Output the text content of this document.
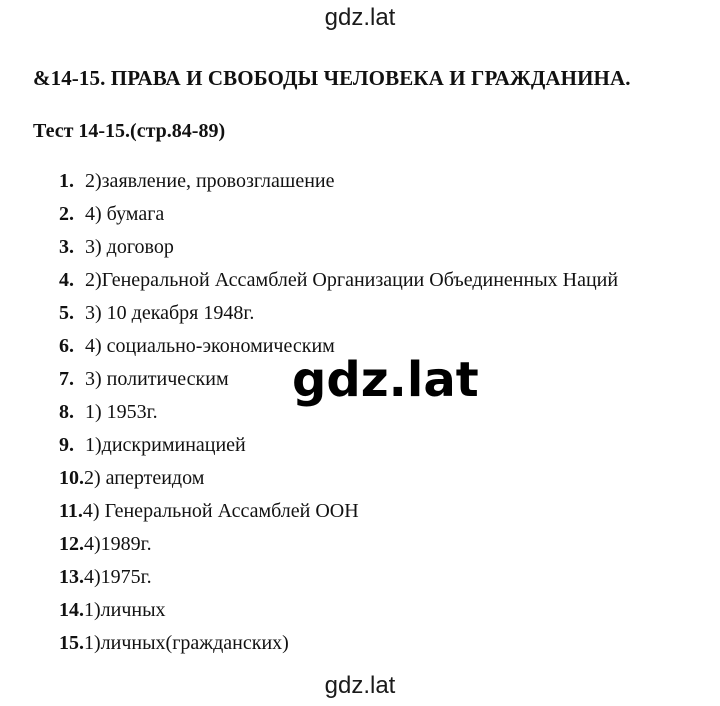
gdz.lat
&14-15. ПРАВА И СВОБОДЫ ЧЕЛОВЕКА И ГРАЖДАНИНА.
Тест 14-15.(стр.84-89)
1. 2)заявление, провозглашение
2. 4) бумага
3. 3) договор
4. 2)Генеральной Ассамблей Организации Объединенных Наций
5. 3) 10 декабря 1948г.
6. 4) социально-экономическим
7. 3) политическим
8. 1) 1953г.
9. 1)дискриминацией
10.2) апертеидом
11.4) Генеральной Ассамблей ООН
12.4)1989г.
13.4)1975г.
14.1)личных
15.1)личных(гражданских)
gdz.lat
gdz.lat
